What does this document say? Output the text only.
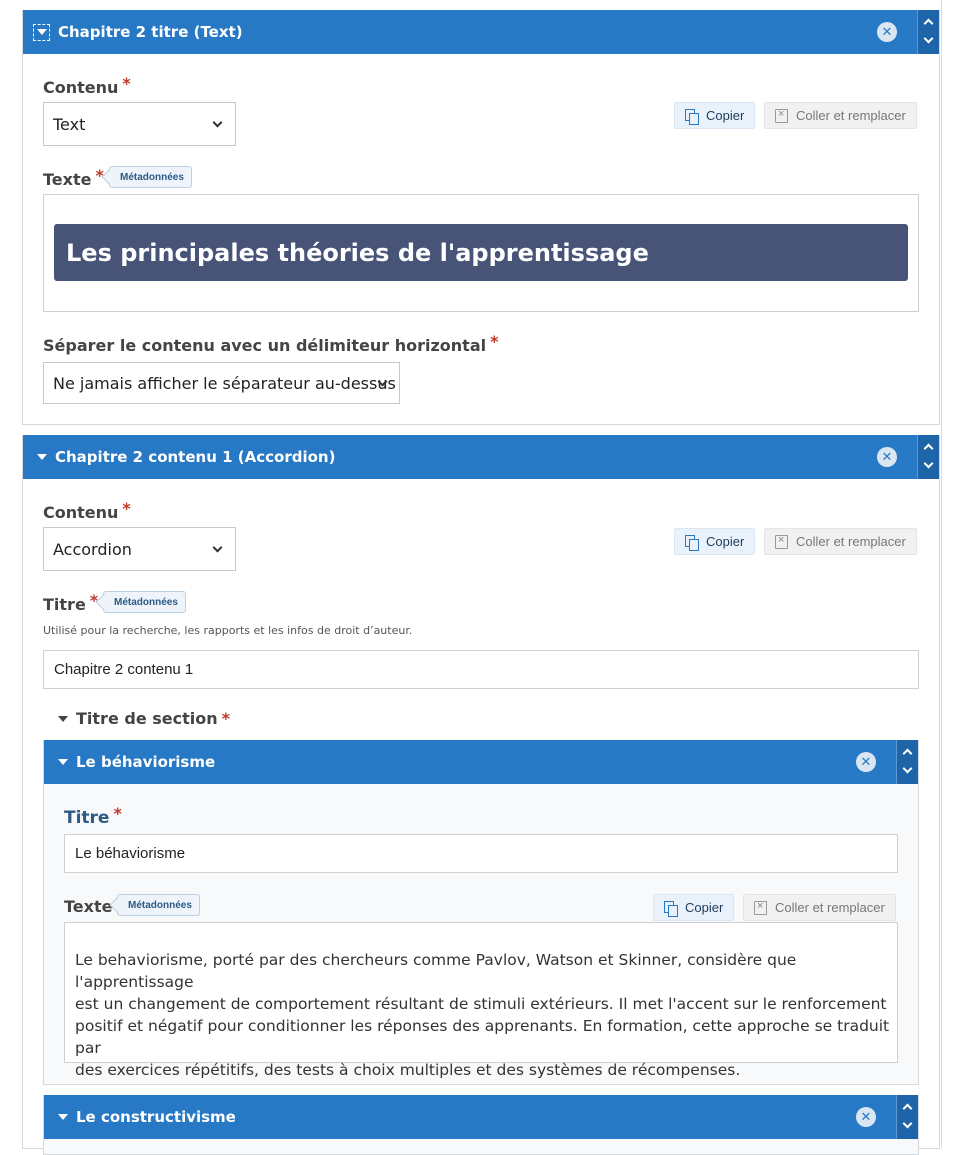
Chapitre 2 titre (Text)	✕
Contenu *
Text	Copier ×	Coller et remplacer
Texte *	Métadonnées
Les principales théories de l'apprentissage
Séparer le contenu avec un délimiteur horizontal *
Ne jamais afficher le séparateur au-dessus
Chapitre 2 contenu 1 (Accordion)	✕
Contenu *
Accordion	Copier ×	Coller et remplacer
Titre *	Métadonnées
Utilisé pour la recherche, les rapports et les infos de droit d’auteur.
Chapitre 2 contenu 1
Titre de section *
Le béhaviorisme	✕
Titre *
Le béhaviorisme
Texte	Métadonnées	Copier ×	Coller et remplacer
Le behaviorisme, porté par des chercheurs comme Pavlov, Watson et Skinner, considère que l'apprentissage
est un changement de comportement résultant de stimuli extérieurs. Il met l'accent sur le renforcement
positif et négatif pour conditionner les réponses des apprenants. En formation, cette approche se traduit par
des exercices répétitifs, des tests à choix multiples et des systèmes de récompenses.
Le constructivisme	✕
